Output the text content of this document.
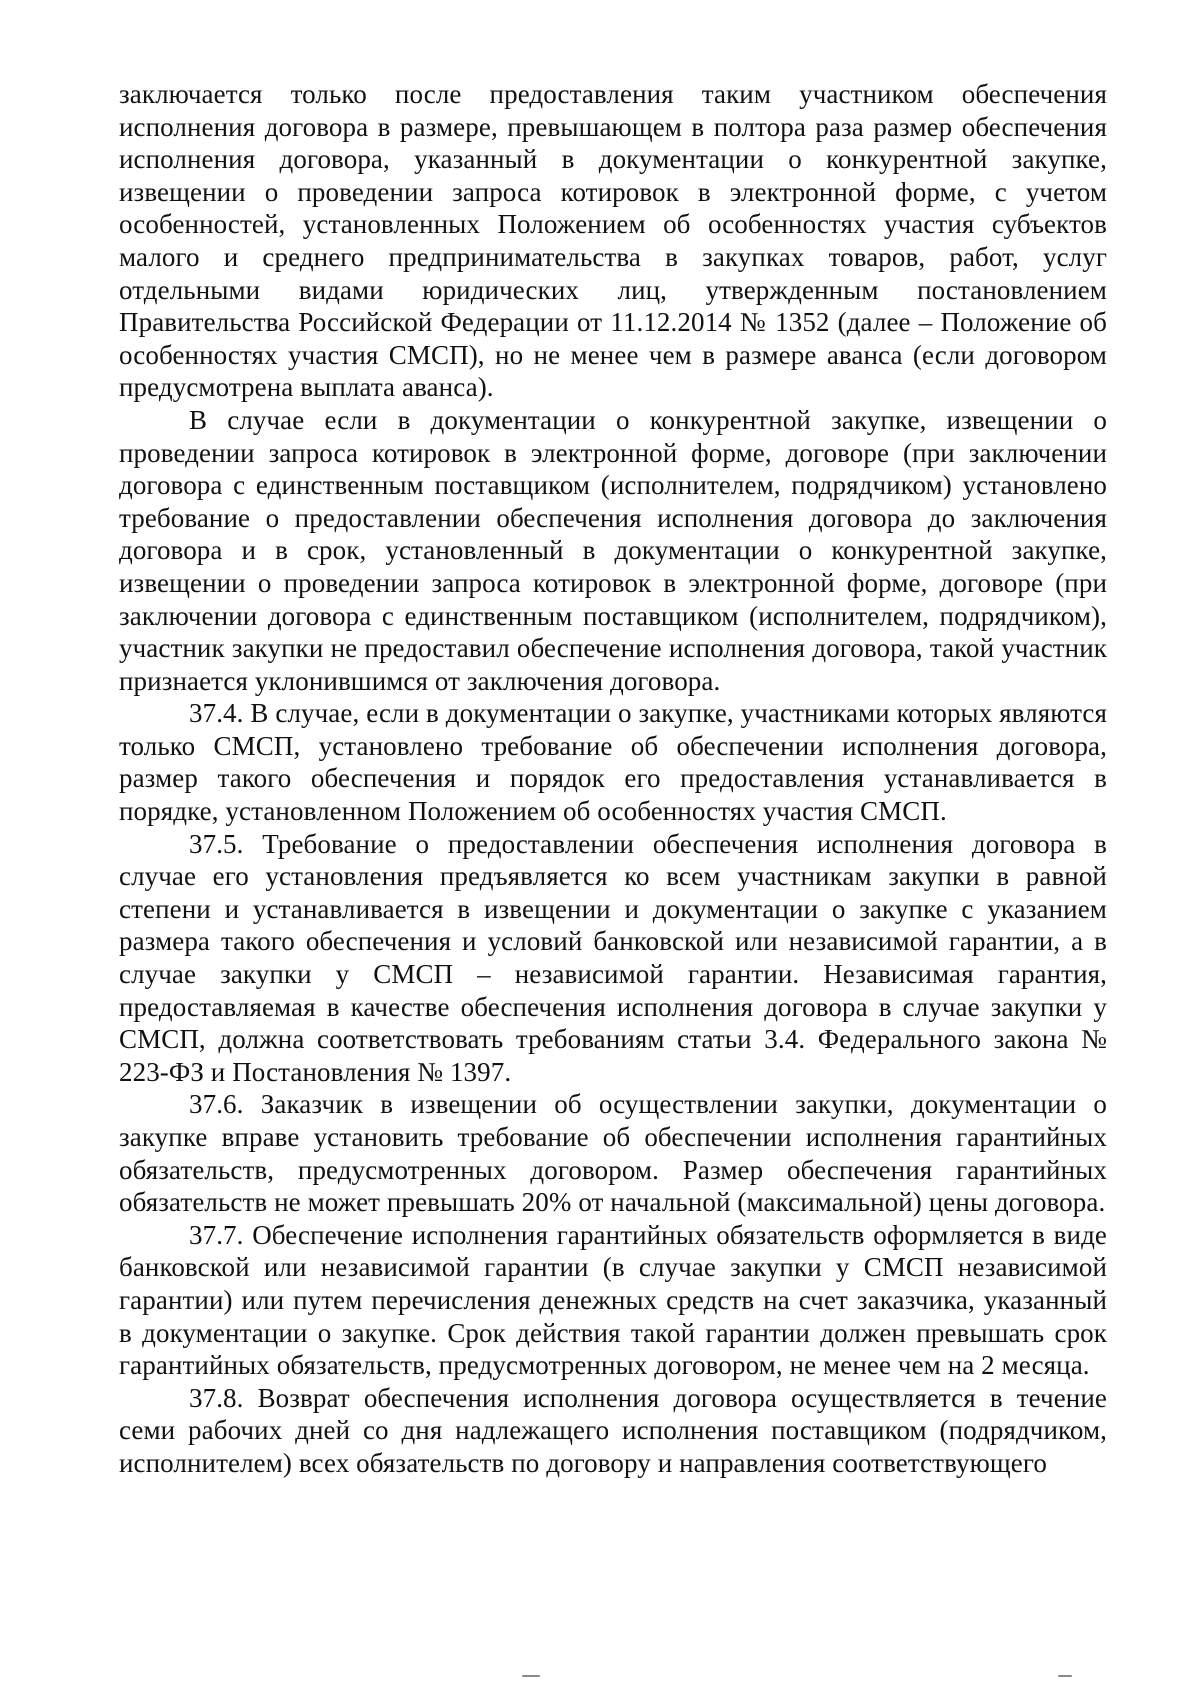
заключается только после предоставления таким участником обеспечения исполнения договора в размере, превышающем в полтора раза размер обеспечения исполнения договора, указанный в документации о конкурентной закупке, извещении о проведении запроса котировок в электронной форме, с учетом особенностей, установленных Положением об особенностях участия субъектов малого и среднего предпринимательства в закупках товаров, работ, услуг отдельными видами юридических лиц, утвержденным постановлением Правительства Российской Федерации от 11.12.2014 № 1352 (далее – Положение об особенностях участия СМСП), но не менее чем в размере аванса (если договором предусмотрена выплата аванса).

В случае если в документации о конкурентной закупке, извещении о проведении запроса котировок в электронной форме, договоре (при заключении договора с единственным поставщиком (исполнителем, подрядчиком) установлено требование о предоставлении обеспечения исполнения договора до заключения договора и в срок, установленный в документации о конкурентной закупке, извещении о проведении запроса котировок в электронной форме, договоре (при заключении договора с единственным поставщиком (исполнителем, подрядчиком), участник закупки не предоставил обеспечение исполнения договора, такой участник признается уклонившимся от заключения договора.

37.4. В случае, если в документации о закупке, участниками которых являются только СМСП, установлено требование об обеспечении исполнения договора, размер такого обеспечения и порядок его предоставления устанавливается в порядке, установленном Положением об особенностях участия СМСП.

37.5. Требование о предоставлении обеспечения исполнения договора в случае его установления предъявляется ко всем участникам закупки в равной степени и устанавливается в извещении и документации о закупке с указанием размера такого обеспечения и условий банковской или независимой гарантии, а в случае закупки у СМСП – независимой гарантии. Независимая гарантия, предоставляемая в качестве обеспечения исполнения договора в случае закупки у СМСП, должна соответствовать требованиям статьи 3.4. Федерального закона № 223-ФЗ и Постановления № 1397.

37.6. Заказчик в извещении об осуществлении закупки, документации о закупке вправе установить требование об обеспечении исполнения гарантийных обязательств, предусмотренных договором. Размер обеспечения гарантийных обязательств не может превышать 20% от начальной (максимальной) цены договора.

37.7. Обеспечение исполнения гарантийных обязательств оформляется в виде банковской или независимой гарантии (в случае закупки у СМСП независимой гарантии) или путем перечисления денежных средств на счет заказчика, указанный в документации о закупке. Срок действия такой гарантии должен превышать срок гарантийных обязательств, предусмотренных договором, не менее чем на 2 месяца.

37.8. Возврат обеспечения исполнения договора осуществляется в течение семи рабочих дней со дня надлежащего исполнения поставщиком (подрядчиком, исполнителем) всех обязательств по договору и направления соответствующего
